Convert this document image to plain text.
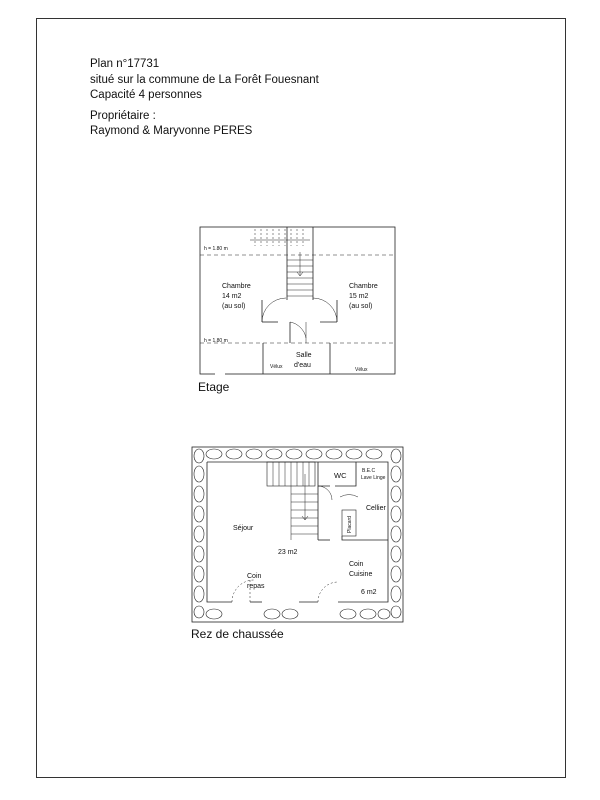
Plan n°17731
situé sur la commune de La Forêt Fouesnant
Capacité 4 personnes
Propriétaire :
Raymond & Maryvonne PERES
h = 1.80 m
h = 1.80 m
Chambre
14 m2
(au sol)
Chambre
15 m2
(au sol)
Salle
d'eau
Vélux	Vélux
Etage
WC	B.E.C
Lave Linge
Cellier
Placard
Séjour
23 m2
Coin
repas
Coin
Cuisine
6 m2
Rez de chaussée
